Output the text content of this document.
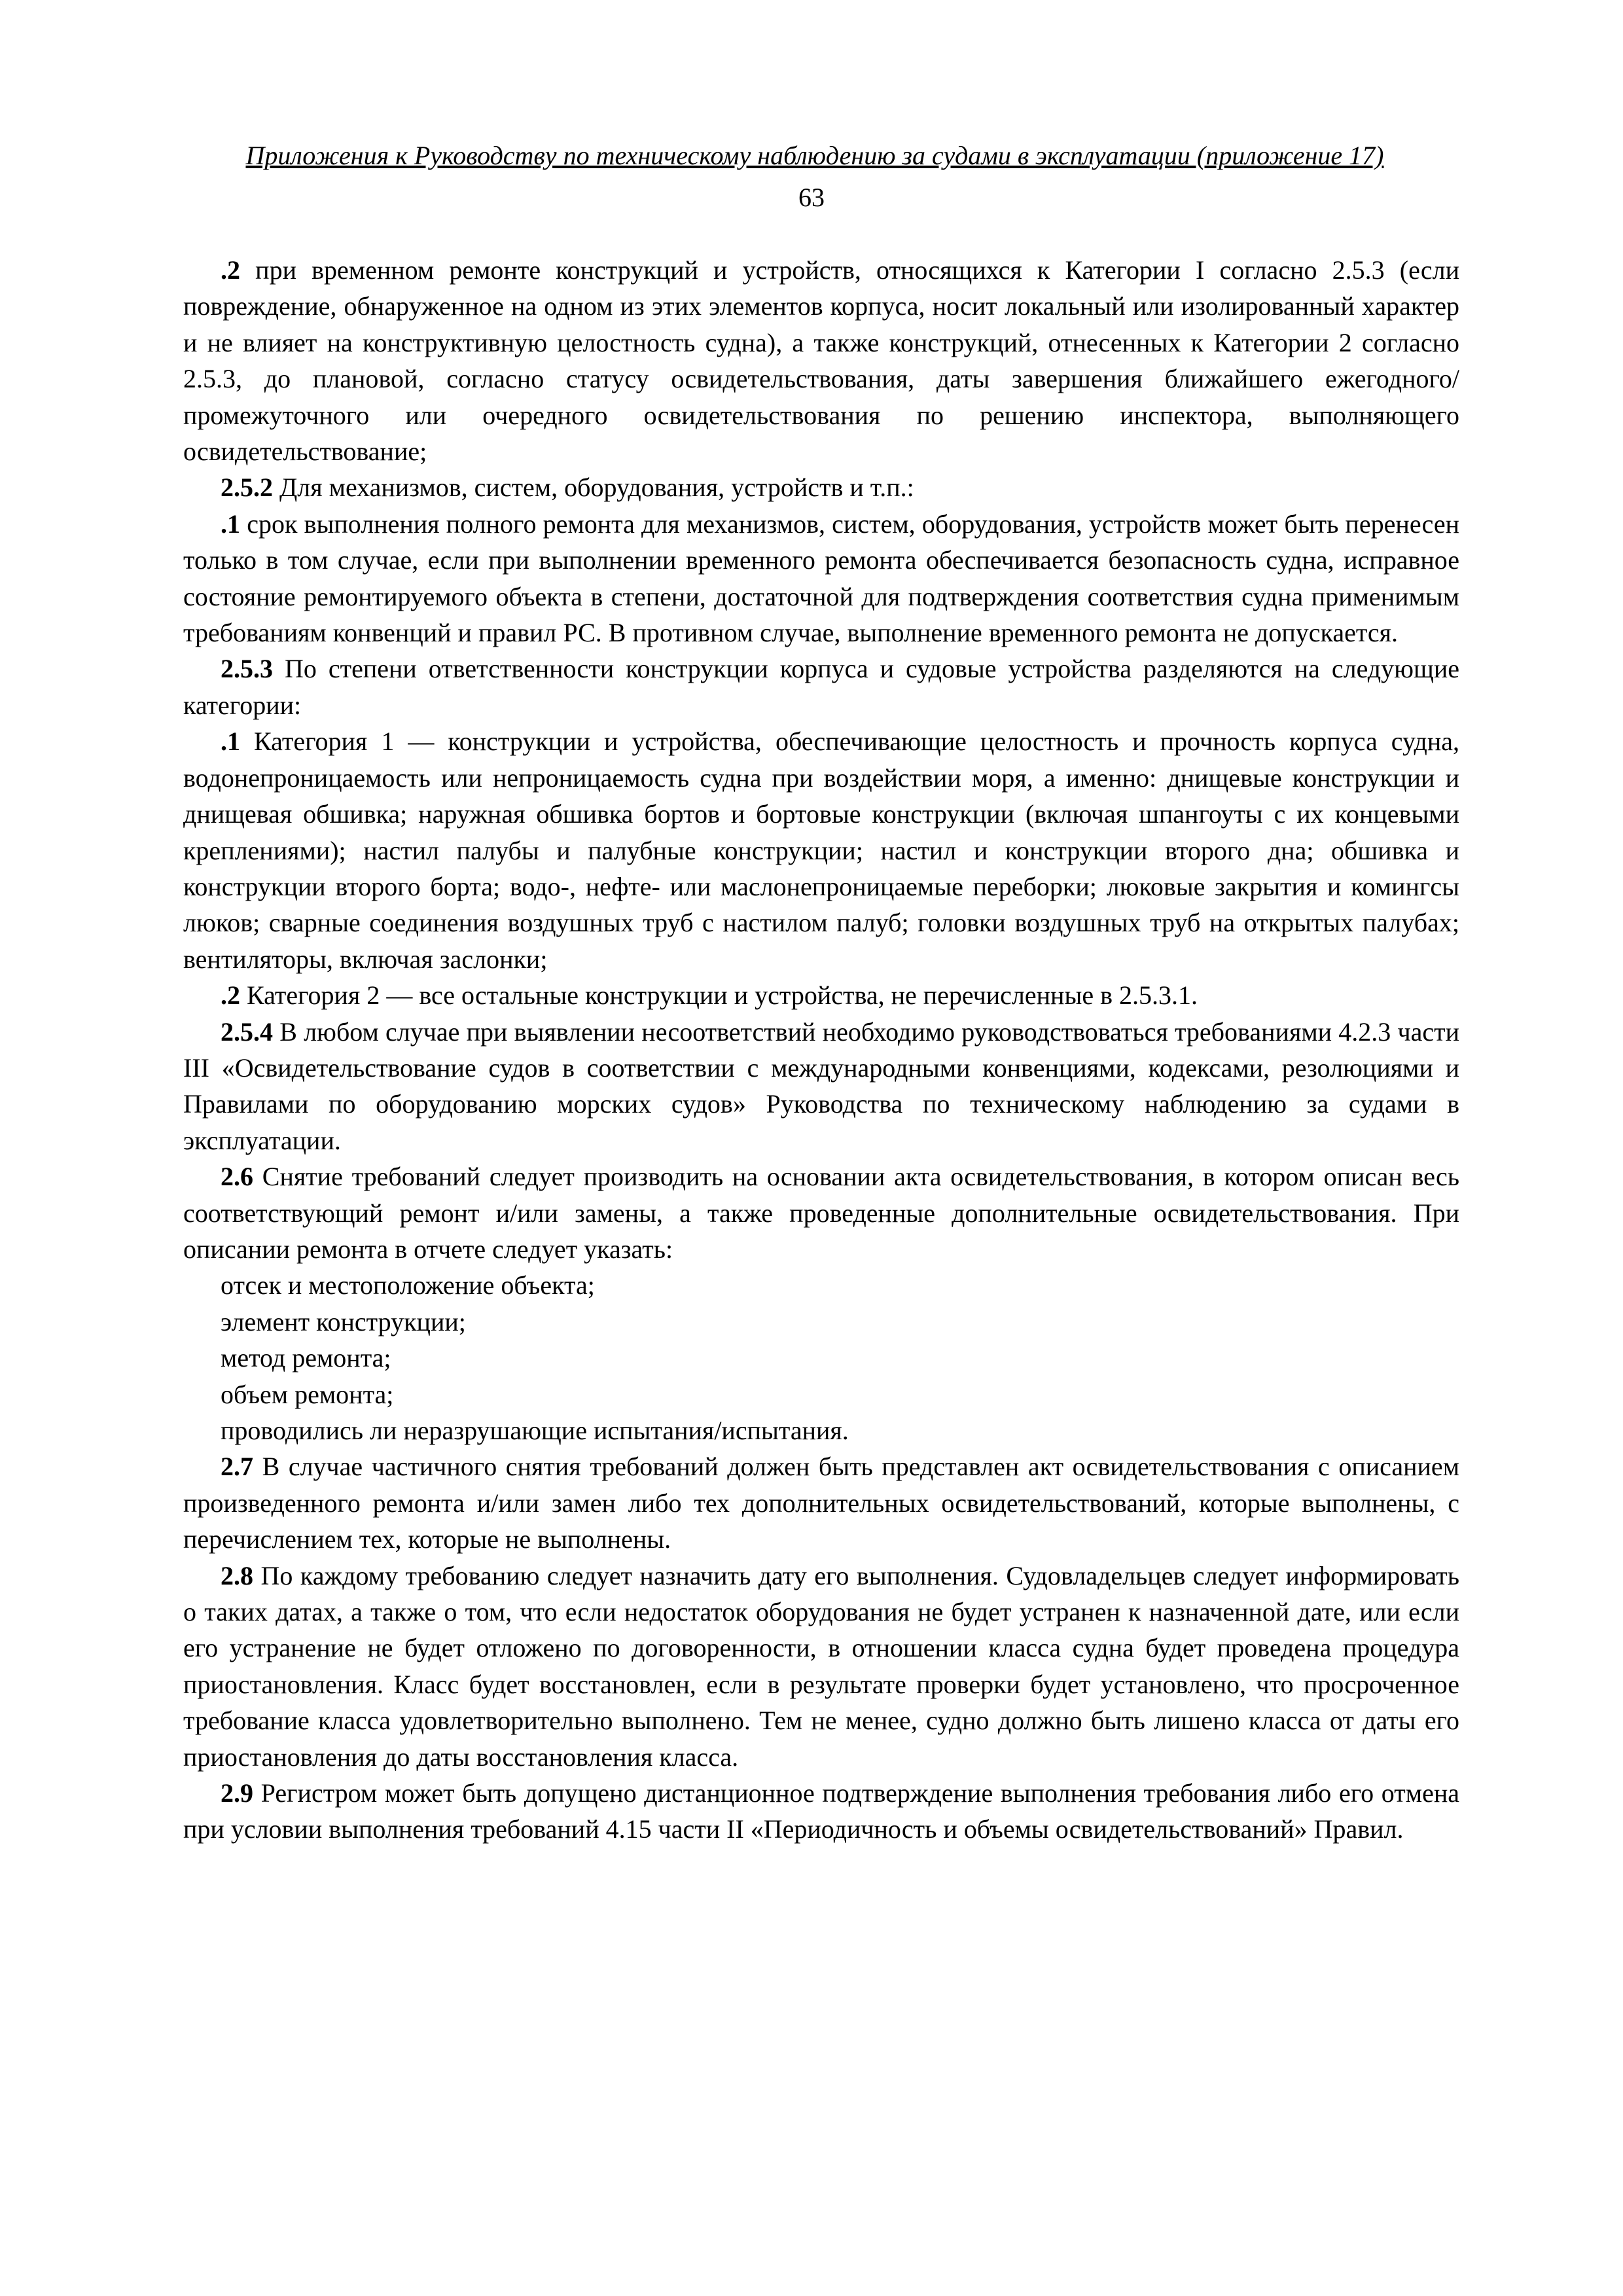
Приложения к Руководству по техническому наблюдению за судами в эксплуатации (приложение 17)
63

.2 при временном ремонте конструкций и устройств, относящихся к Категории I согласно 2.5.3 (если повреждение, обнаруженное на одном из этих элементов корпуса, носит локальный или изолированный характер и не влияет на конструктивную целостность судна), а также конструкций, отнесенных к Категории 2 согласно 2.5.3, до плановой, согласно статусу освидетельствования, даты завершения ближайшего ежегодного/промежуточного или очередного освидетельствования по решению инспектора, выполняющего освидетельствование;

2.5.2 Для механизмов, систем, оборудования, устройств и т.п.:

.1 срок выполнения полного ремонта для механизмов, систем, оборудования, устройств может быть перенесен только в том случае, если при выполнении временного ремонта обеспечивается безопасность судна, исправное состояние ремонтируемого объекта в степени, достаточной для подтверждения соответствия судна применимым требованиям конвенций и правил РС. В противном случае, выполнение временного ремонта не допускается.

2.5.3 По степени ответственности конструкции корпуса и судовые устройства разделяются на следующие категории:

.1 Категория 1 — конструкции и устройства, обеспечивающие целостность и прочность корпуса судна, водонепроницаемость или непроницаемость судна при воздействии моря, а именно: днищевые конструкции и днищевая обшивка; наружная обшивка бортов и бортовые конструкции (включая шпангоуты с их концевыми креплениями); настил палубы и палубные конструкции; настил и конструкции второго дна; обшивка и конструкции второго борта; водо-, нефте- или маслонепроницаемые переборки; люковые закрытия и комингсы люков; сварные соединения воздушных труб с настилом палуб; головки воздушных труб на открытых палубах; вентиляторы, включая заслонки;

.2 Категория 2 — все остальные конструкции и устройства, не перечисленные в 2.5.3.1.

2.5.4 В любом случае при выявлении несоответствий необходимо руководствоваться требованиями 4.2.3 части III «Освидетельствование судов в соответствии с международными конвенциями, кодексами, резолюциями и Правилами по оборудованию морских судов» Руководства по техническому наблюдению за судами в эксплуатации.

2.6 Снятие требований следует производить на основании акта освидетельствования, в котором описан весь соответствующий ремонт и/или замены, а также проведенные дополнительные освидетельствования. При описании ремонта в отчете следует указать:

отсек и местоположение объекта;

элемент конструкции;

метод ремонта;

объем ремонта;

проводились ли неразрушающие испытания/испытания.

2.7 В случае частичного снятия требований должен быть представлен акт освидетельствования с описанием произведенного ремонта и/или замен либо тех дополнительных освидетельствований, которые выполнены, с перечислением тех, которые не выполнены.

2.8 По каждому требованию следует назначить дату его выполнения. Судовладельцев следует информировать о таких датах, а также о том, что если недостаток оборудования не будет устранен к назначенной дате, или если его устранение не будет отложено по договоренности, в отношении класса судна будет проведена процедура приостановления. Класс будет восстановлен, если в результате проверки будет установлено, что просроченное требование класса удовлетворительно выполнено. Тем не менее, судно должно быть лишено класса от даты его приостановления до даты восстановления класса.

2.9 Регистром может быть допущено дистанционное подтверждение выполнения требования либо его отмена при условии выполнения требований 4.15 части II «Периодичность и объемы освидетельствований» Правил.
